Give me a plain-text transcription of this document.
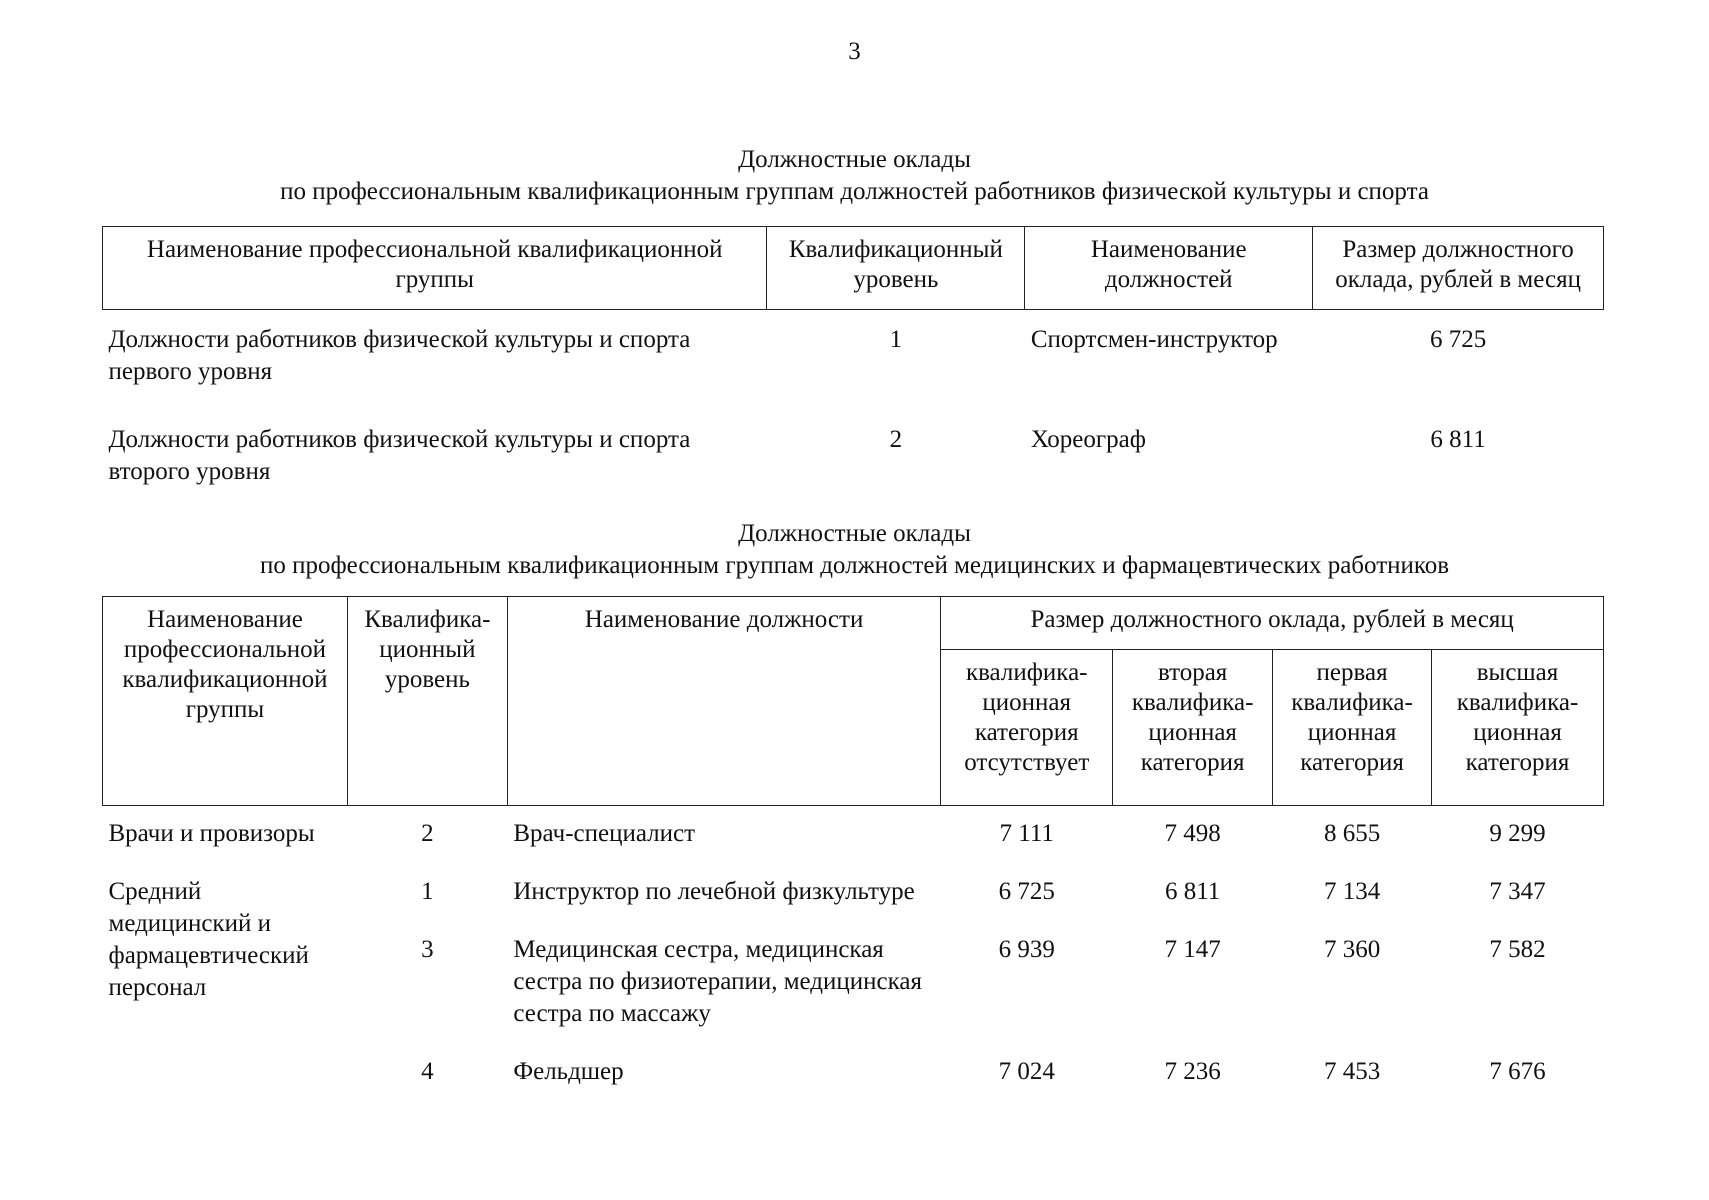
3
Должностные оклады
по профессиональным квалификационным группам должностей работников физической культуры и спорта
Наименование профессиональной квалификационной группы	Квалификационный уровень	Наименование должностей	Размер должностного оклада, рублей в месяц
Должности работников физической культуры и спорта первого уровня	1	Спортсмен-инструктор	6 725
Должности работников физической культуры и спорта второго уровня	2	Хореограф	6 811
Должностные оклады
по профессиональным квалификационным группам должностей медицинских и фармацевтических работников
Наименование профессиональной квалификационной группы	Квалифика-ционный уровень	Наименование должности	Размер должностного оклада, рублей в месяц			
			квалифика-ционная категория отсутствует	вторая квалифика-ционная категория	первая квалифика-ционная категория	высшая квалифика-ционная категория
Врачи и провизоры	2	Врач-специалист	7 111	7 498	8 655	9 299
Средний медицинский и фармацевтический персонал	1	Инструктор по лечебной физкультуре	6 725	6 811	7 134	7 347
	3	Медицинская сестра, медицинская сестра по физиотерапии, медицинская сестра по массажу	6 939	7 147	7 360	7 582
	4	Фельдшер	7 024	7 236	7 453	7 676
